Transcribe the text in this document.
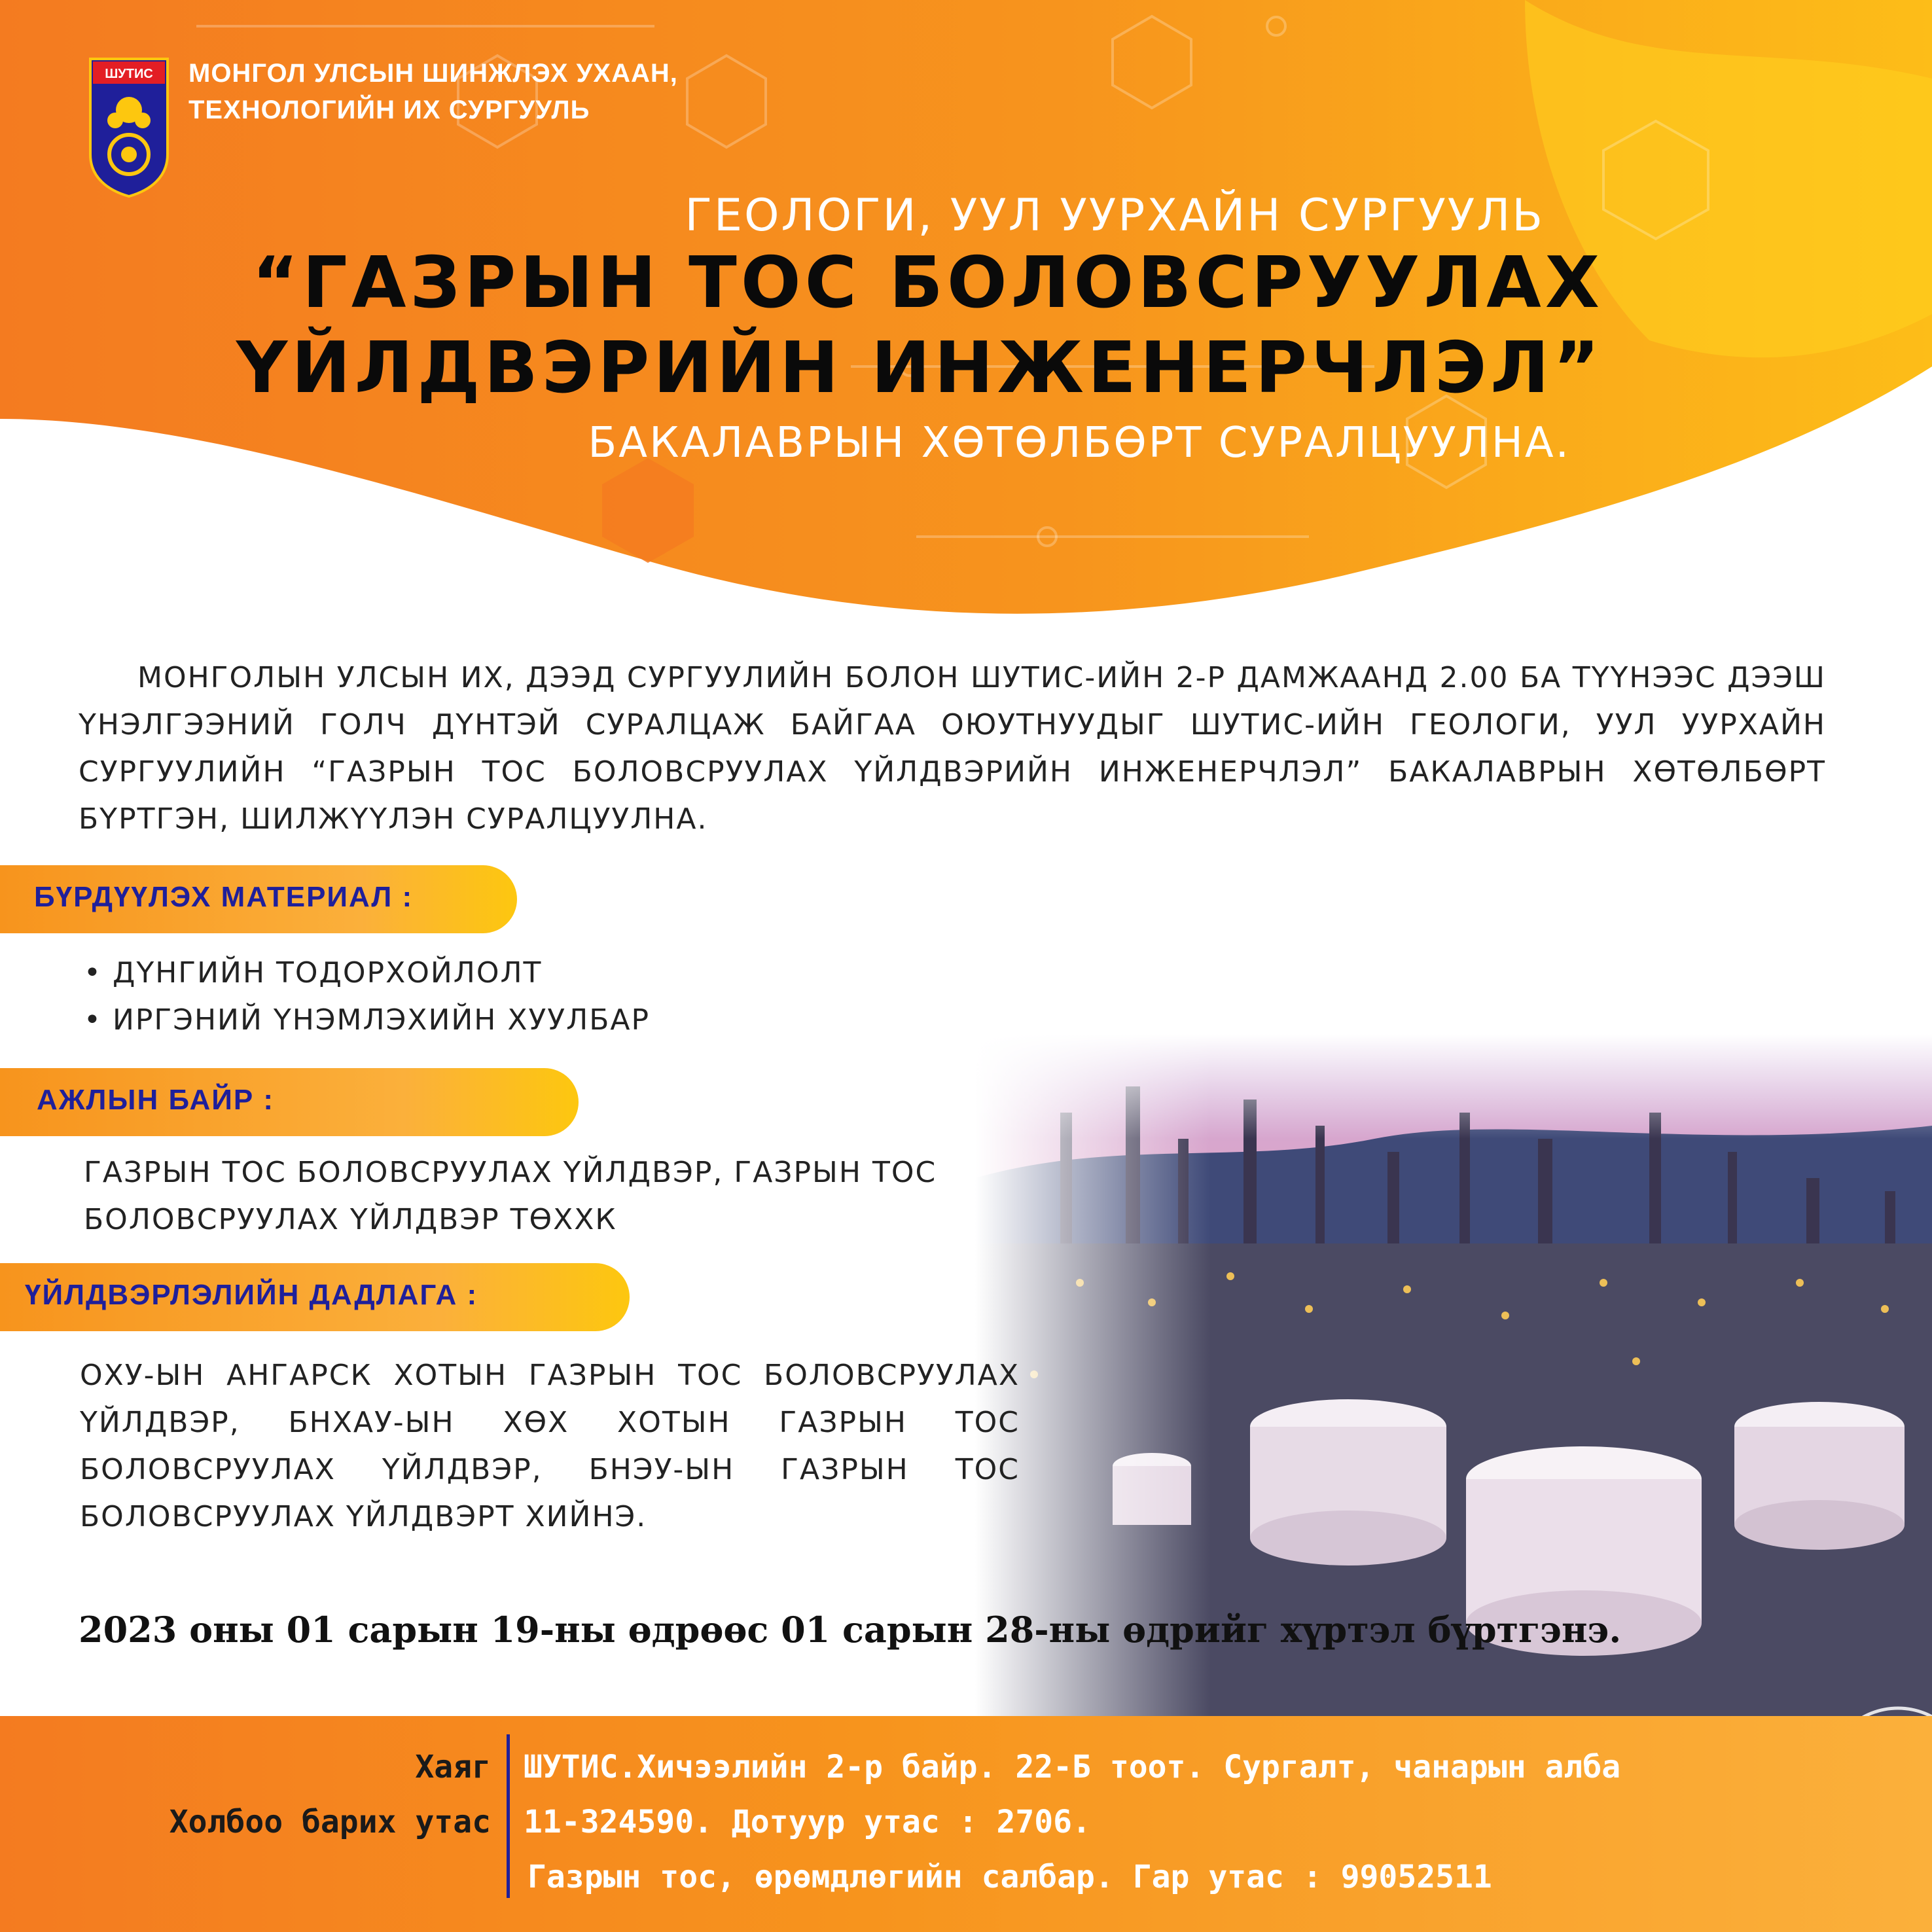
ШУТИС МОНГОЛ УЛСЫН ШИНЖЛЭХ УХААН,
ТЕХНОЛОГИЙН ИХ СУРГУУЛЬ
ГЕОЛОГИ, УУЛ УУРХАЙН СУРГУУЛЬ
“ГАЗРЫН ТОС БОЛОВСРУУЛАХ
ҮЙЛДВЭРИЙН ИНЖЕНЕРЧЛЭЛ”
БАКАЛАВРЫН ХӨТӨЛБӨРТ СУРАЛЦУУЛНА.
МОНГОЛЫН УЛСЫН ИХ, ДЭЭД СУРГУУЛИЙН БОЛОН ШУТИС-ИЙН 2-Р ДАМЖААНД 2.00 БА ТҮҮНЭЭС ДЭЭШ ҮНЭЛГЭЭНИЙ ГОЛЧ ДҮНТЭЙ СУРАЛЦАЖ БАЙГАА ОЮУТНУУДЫГ ШУТИС-ИЙН ГЕОЛОГИ, УУЛ УУРХАЙН СУРГУУЛИЙН “ГАЗРЫН ТОС БОЛОВСРУУЛАХ ҮЙЛДВЭРИЙН ИНЖЕНЕРЧЛЭЛ” БАКАЛАВРЫН ХӨТӨЛБӨРТ БҮРТГЭН, ШИЛЖҮҮЛЭН СУРАЛЦУУЛНА.
БҮРДҮҮЛЭХ МАТЕРИАЛ :
• ДҮНГИЙН ТОДОРХОЙЛОЛТ
• ИРГЭНИЙ ҮНЭМЛЭХИЙН ХУУЛБАР
АЖЛЫН БАЙР :
ГАЗРЫН ТОС БОЛОВСРУУЛАХ ҮЙЛДВЭР, ГАЗРЫН ТОС
БОЛОВСРУУЛАХ ҮЙЛДВЭР ТӨХХК
ҮЙЛДВЭРЛЭЛИЙН ДАДЛАГА :
ОХУ-ЫН АНГАРСК ХОТЫН ГАЗРЫН ТОС БОЛОВСРУУЛАХ ҮЙЛДВЭР, БНХАУ-ЫН ХӨХ ХОТЫН ГАЗРЫН ТОС БОЛОВСРУУЛАХ ҮЙЛДВЭР, БНЭУ-ЫН ГАЗРЫН ТОС БОЛОВСРУУЛАХ ҮЙЛДВЭРТ ХИЙНЭ.
2023 оны 01 сарын 19-ны өдрөөс 01 сарын 28-ны өдрийг хүртэл бүртгэнэ.
Хаяг
Холбоо барих утас
ШУТИС.Хичээлийн 2-р байр. 22-Б тоот. Сургалт, чанарын алба
11-324590. Дотуур утас : 2706.
Газрын тос, өрөмдлөгийн салбар. Гар утас : 99052511
